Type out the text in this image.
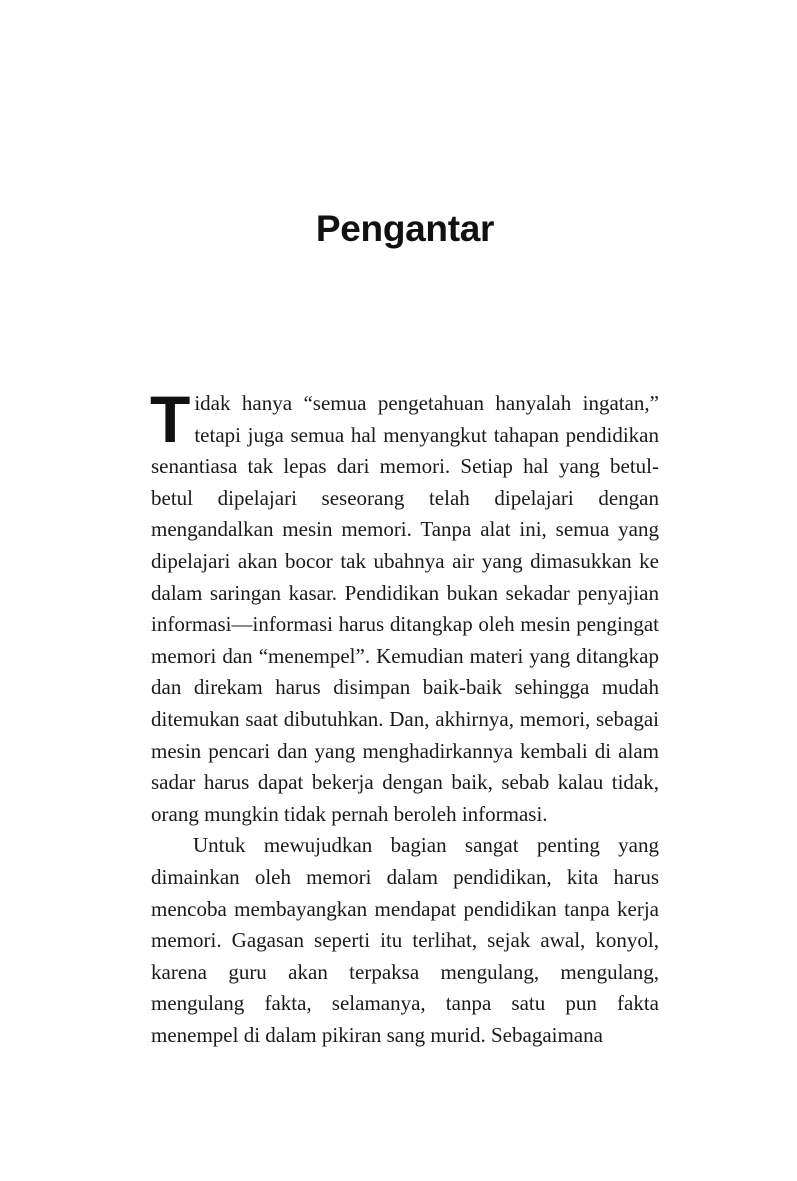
Pengantar

Tidak hanya “semua pengetahuan hanyalah ingatan,” tetapi juga semua hal menyangkut tahapan pendidikan senantiasa tak lepas dari memori. Setiap hal yang betul-betul dipelajari seseorang telah dipelajari dengan mengandalkan mesin memori. Tanpa alat ini, semua yang dipelajari akan bocor tak ubahnya air yang dimasukkan ke dalam saringan kasar. Pendidikan bukan sekadar penyajian informasi—informasi harus ditangkap oleh mesin pengingat memori dan “menempel”. Kemudian materi yang ditangkap dan direkam harus disimpan baik-baik sehingga mudah ditemukan saat dibutuhkan. Dan, akhirnya, memori, sebagai mesin pencari dan yang menghadirkannya kembali di alam sadar harus dapat bekerja dengan baik, sebab kalau tidak, orang mungkin tidak pernah beroleh informasi.

Untuk mewujudkan bagian sangat penting yang dimainkan oleh memori dalam pendidikan, kita harus mencoba membayangkan mendapat pendidikan tanpa kerja memori. Gagasan seperti itu terlihat, sejak awal, konyol, karena guru akan terpaksa mengulang, mengulang, mengulang fakta, selamanya, tanpa satu pun fakta menempel di dalam pikiran sang murid. Sebagaimana
